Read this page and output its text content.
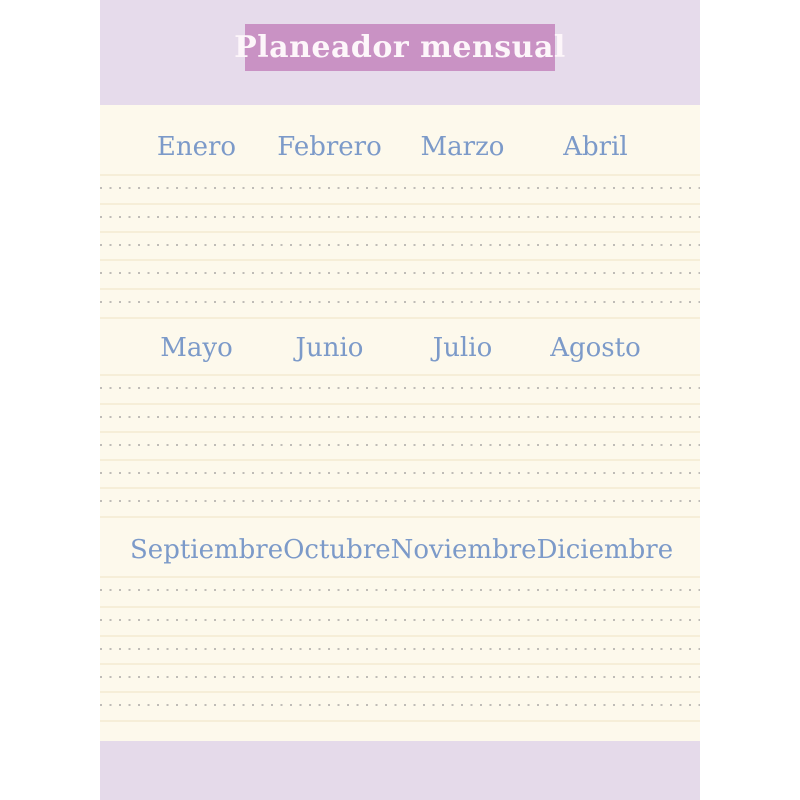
Planeador mensual
Enero	Febrero	Marzo	Abril
Mayo	Junio	Julio	Agosto
Septiembre Octubre Noviembre Diciembre
